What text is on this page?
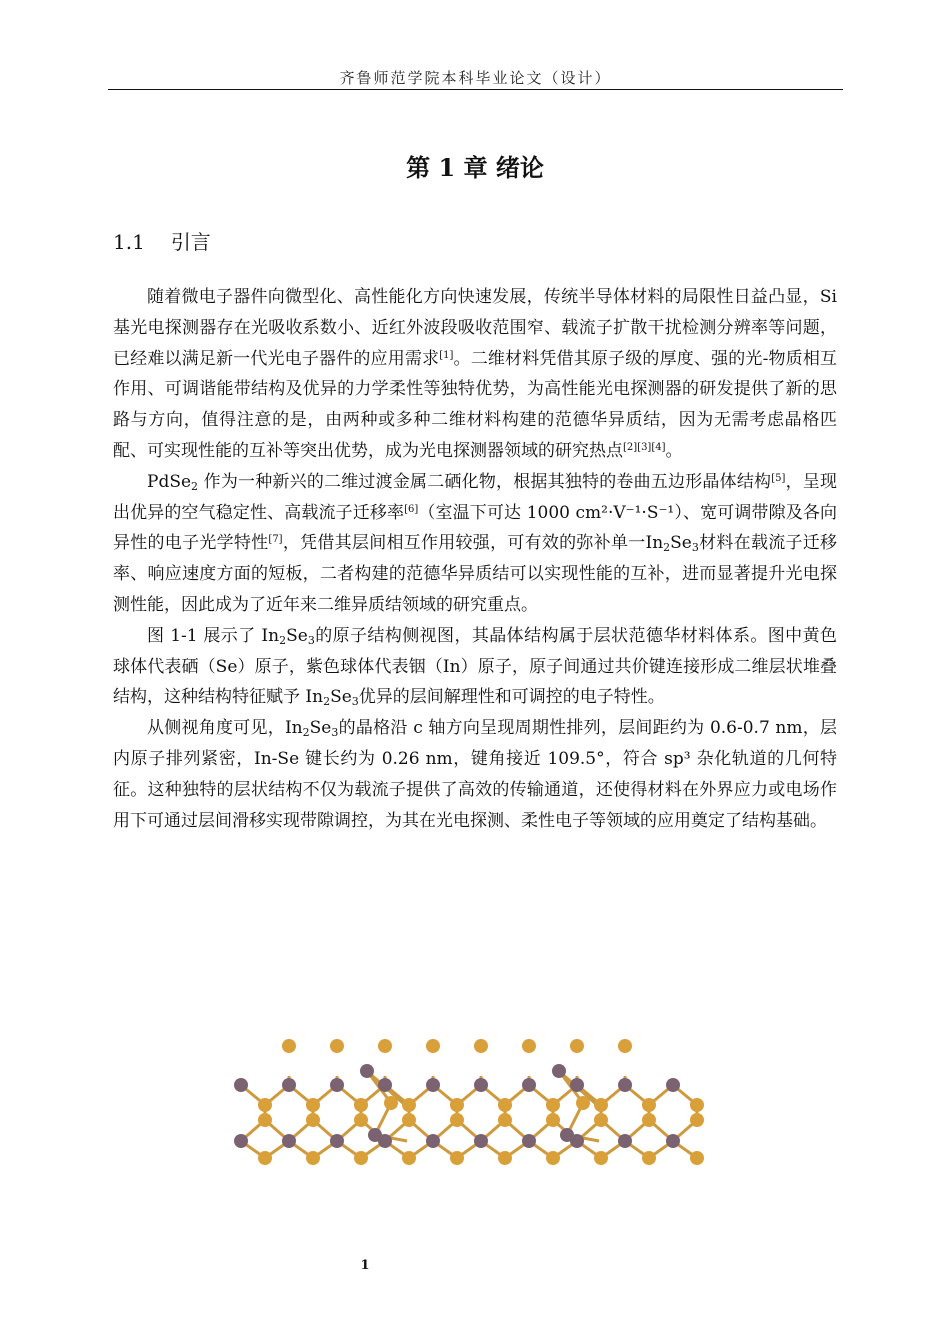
齐鲁师范学院本科毕业论文（设计）
第 1 章 绪论
1.1 引言

随着微电子器件向微型化、高性能化方向快速发展，传统半导体材料的局限性日益凸显，Si 基光电探测器存在光吸收系数小、近红外波段吸收范围窄、载流子扩散干扰检测分辨率等问题，已经难以满足新一代光电子器件的应用需求[1]。二维材料凭借其原子级的厚度、强的光-物质相互作用、可调谐能带结构及优异的力学柔性等独特优势，为高性能光电探测器的研发提供了新的思路与方向，值得注意的是，由两种或多种二维材料构建的范德华异质结，因为无需考虑晶格匹配、可实现性能的互补等突出优势，成为光电探测器领域的研究热点[2][3][4]。

PdSe$_2$ 作为一种新兴的二维过渡金属二硒化物，根据其独特的卷曲五边形晶体结构[5]，呈现出优异的空气稳定性、高载流子迁移率[6]（室温下可达 1000 cm²·V⁻¹·S⁻¹）、宽可调带隙及各向异性的电子光学特性[7]，凭借其层间相互作用较强，可有效的弥补单一$In_2Se_3$材料在载流子迁移率、响应速度方面的短板，二者构建的范德华异质结可以实现性能的互补，进而显著提升光电探测性能，因此成为了近年来二维异质结领域的研究重点。

图 1-1 展示了 $In_2Se_3$的原子结构侧视图，其晶体结构属于层状范德华材料体系。图中黄色球体代表硒（Se）原子，紫色球体代表铟（In）原子，原子间通过共价键连接形成二维层状堆叠结构，这种结构特征赋予 $In_2Se_3$优异的层间解理性和可调控的电子特性。

从侧视角度可见，$In_2Se_3$的晶格沿 c 轴方向呈现周期性排列，层间距约为 0.6-0.7 nm，层内原子排列紧密，In-Se 键长约为 0.26 nm，键角接近 109.5°，符合 sp³ 杂化轨道的几何特征。这种独特的层状结构不仅为载流子提供了高效的传输通道，还使得材料在外界应力或电场作用下可通过层间滑移实现带隙调控，为其在光电探测、柔性电子等领域的应用奠定了结构基础。

1
